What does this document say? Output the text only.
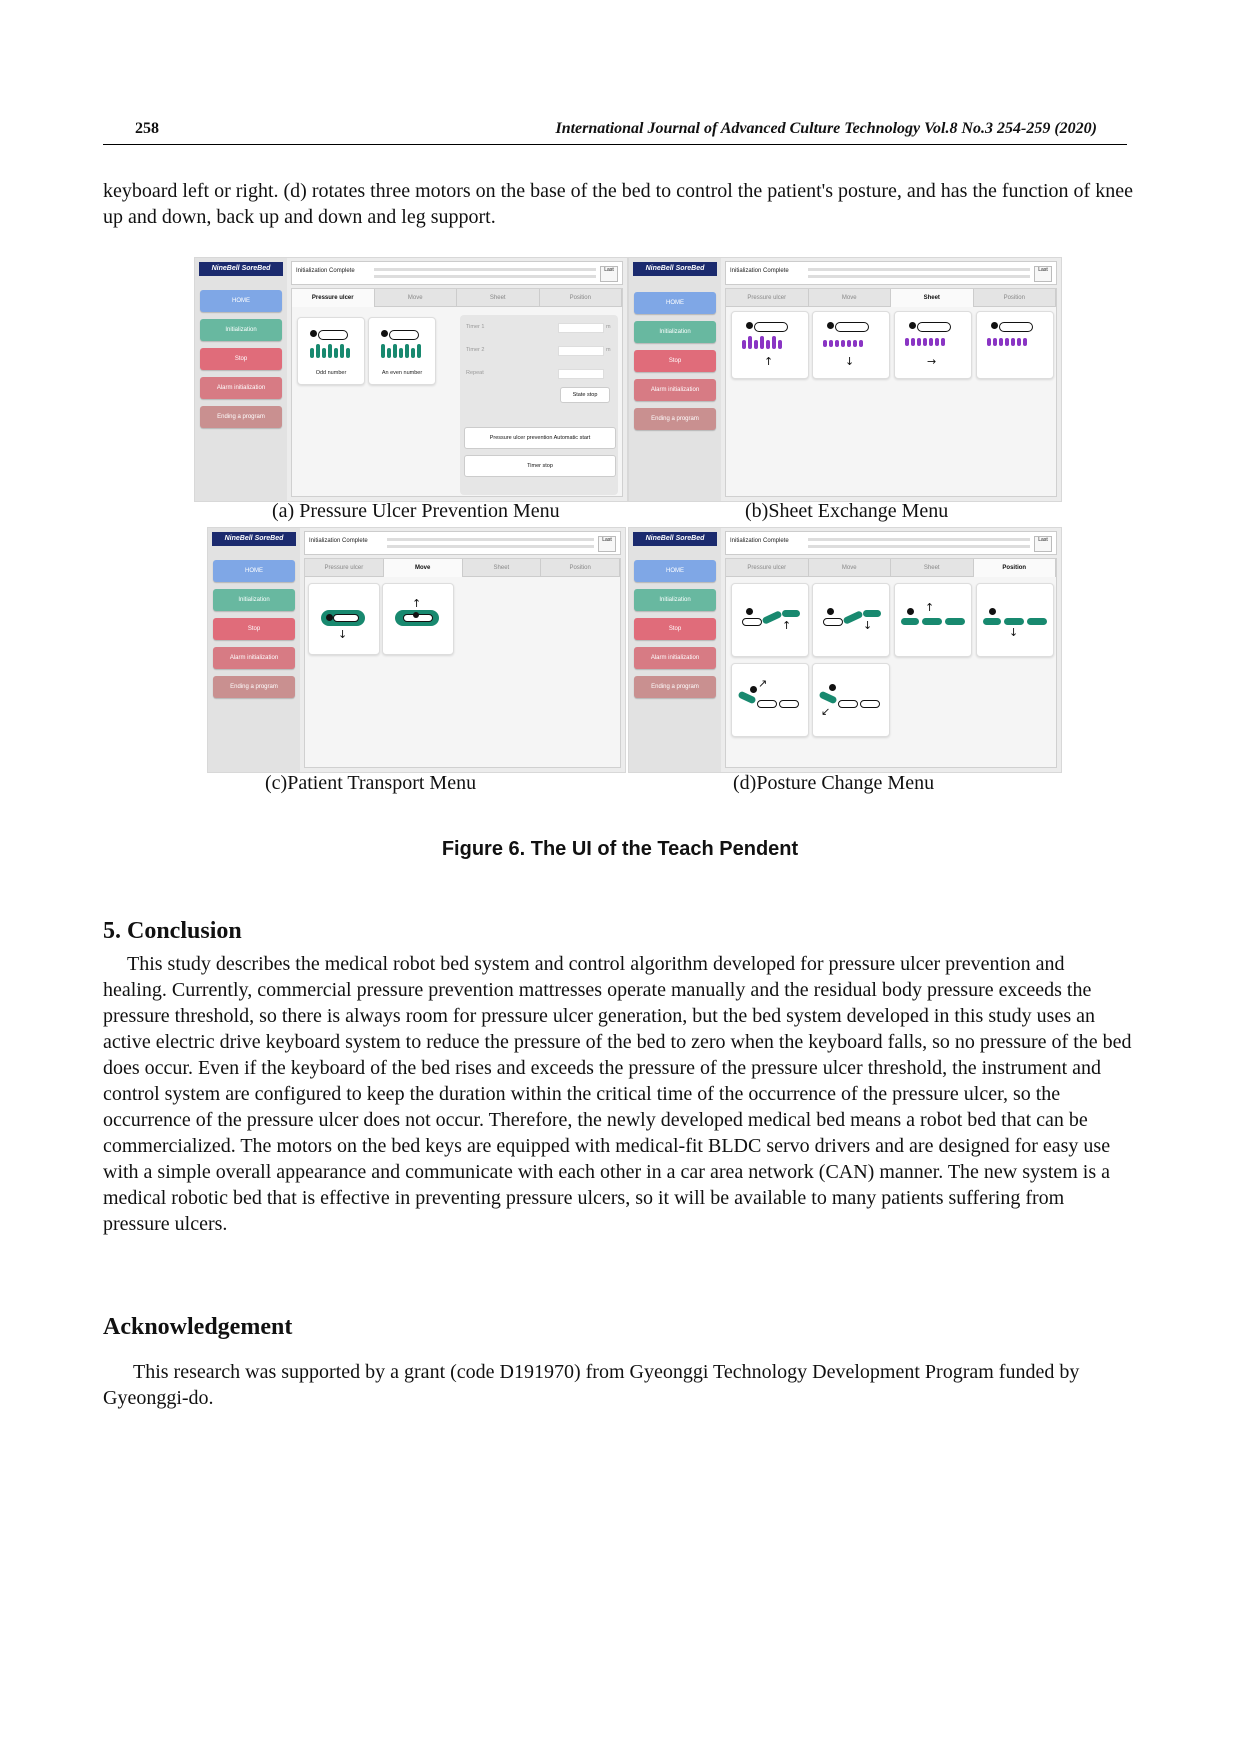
258	International Journal of Advanced Culture Technology Vol.8 No.3 254-259 (2020)

keyboard left or right. (d) rotates three motors on the base of the bed to control the patient's posture, and has the function of knee up and down, back up and down and leg support.

NineBell SoreBed
HOME
Initialization
Stop
Alarm initialization
Ending a program
Initialization Complete	Last
Pressure ulcer	Move	Sheet	Position
Odd number	An even number
Timer 1	m
Timer 2	m
Repeat
State stop
Pressure ulcer prevention Automatic start
Timer stop
NineBell SoreBed
HOME
Initialization
Stop
Alarm initialization
Ending a program
Initialization Complete	Last
Pressure ulcer	Move	Sheet	Position
↑	↓	→
(a) Pressure Ulcer Prevention Menu	(b)Sheet Exchange Menu
NineBell SoreBed
HOME
Initialization
Stop
Alarm initialization
Ending a program
Initialization Complete	Last
Pressure ulcer	Move	Sheet	Position
↓
↑
NineBell SoreBed
HOME
Initialization
Stop
Alarm initialization
Ending a program
Initialization Complete	Last
Pressure ulcer	Move	Sheet	Position
↑	↓
↑
↓
↗
↙
(c)Patient Transport Menu	(d)Posture Change Menu
Figure 6. The UI of the Teach Pendent
5. Conclusion

This study describes the medical robot bed system and control algorithm developed for pressure ulcer prevention and healing. Currently, commercial pressure prevention mattresses operate manually and the residual body pressure exceeds the pressure threshold, so there is always room for pressure ulcer generation, but the bed system developed in this study uses an active electric drive keyboard system to reduce the pressure of the bed to zero when the keyboard falls, so no pressure of the bed does occur. Even if the keyboard of the bed rises and exceeds the pressure of the pressure ulcer threshold, the instrument and control system are configured to keep the duration within the critical time of the occurrence of the pressure ulcer, so the occurrence of the pressure ulcer does not occur. Therefore, the newly developed medical bed means a robot bed that can be commercialized. The motors on the bed keys are equipped with medical-fit BLDC servo drivers and are designed for easy use with a simple overall appearance and communicate with each other in a car area network (CAN) manner. The new system is a medical robotic bed that is effective in preventing pressure ulcers, so it will be available to many patients suffering from pressure ulcers.

Acknowledgement

This research was supported by a grant (code D191970) from Gyeonggi Technology Development Program funded by Gyeonggi-do.
